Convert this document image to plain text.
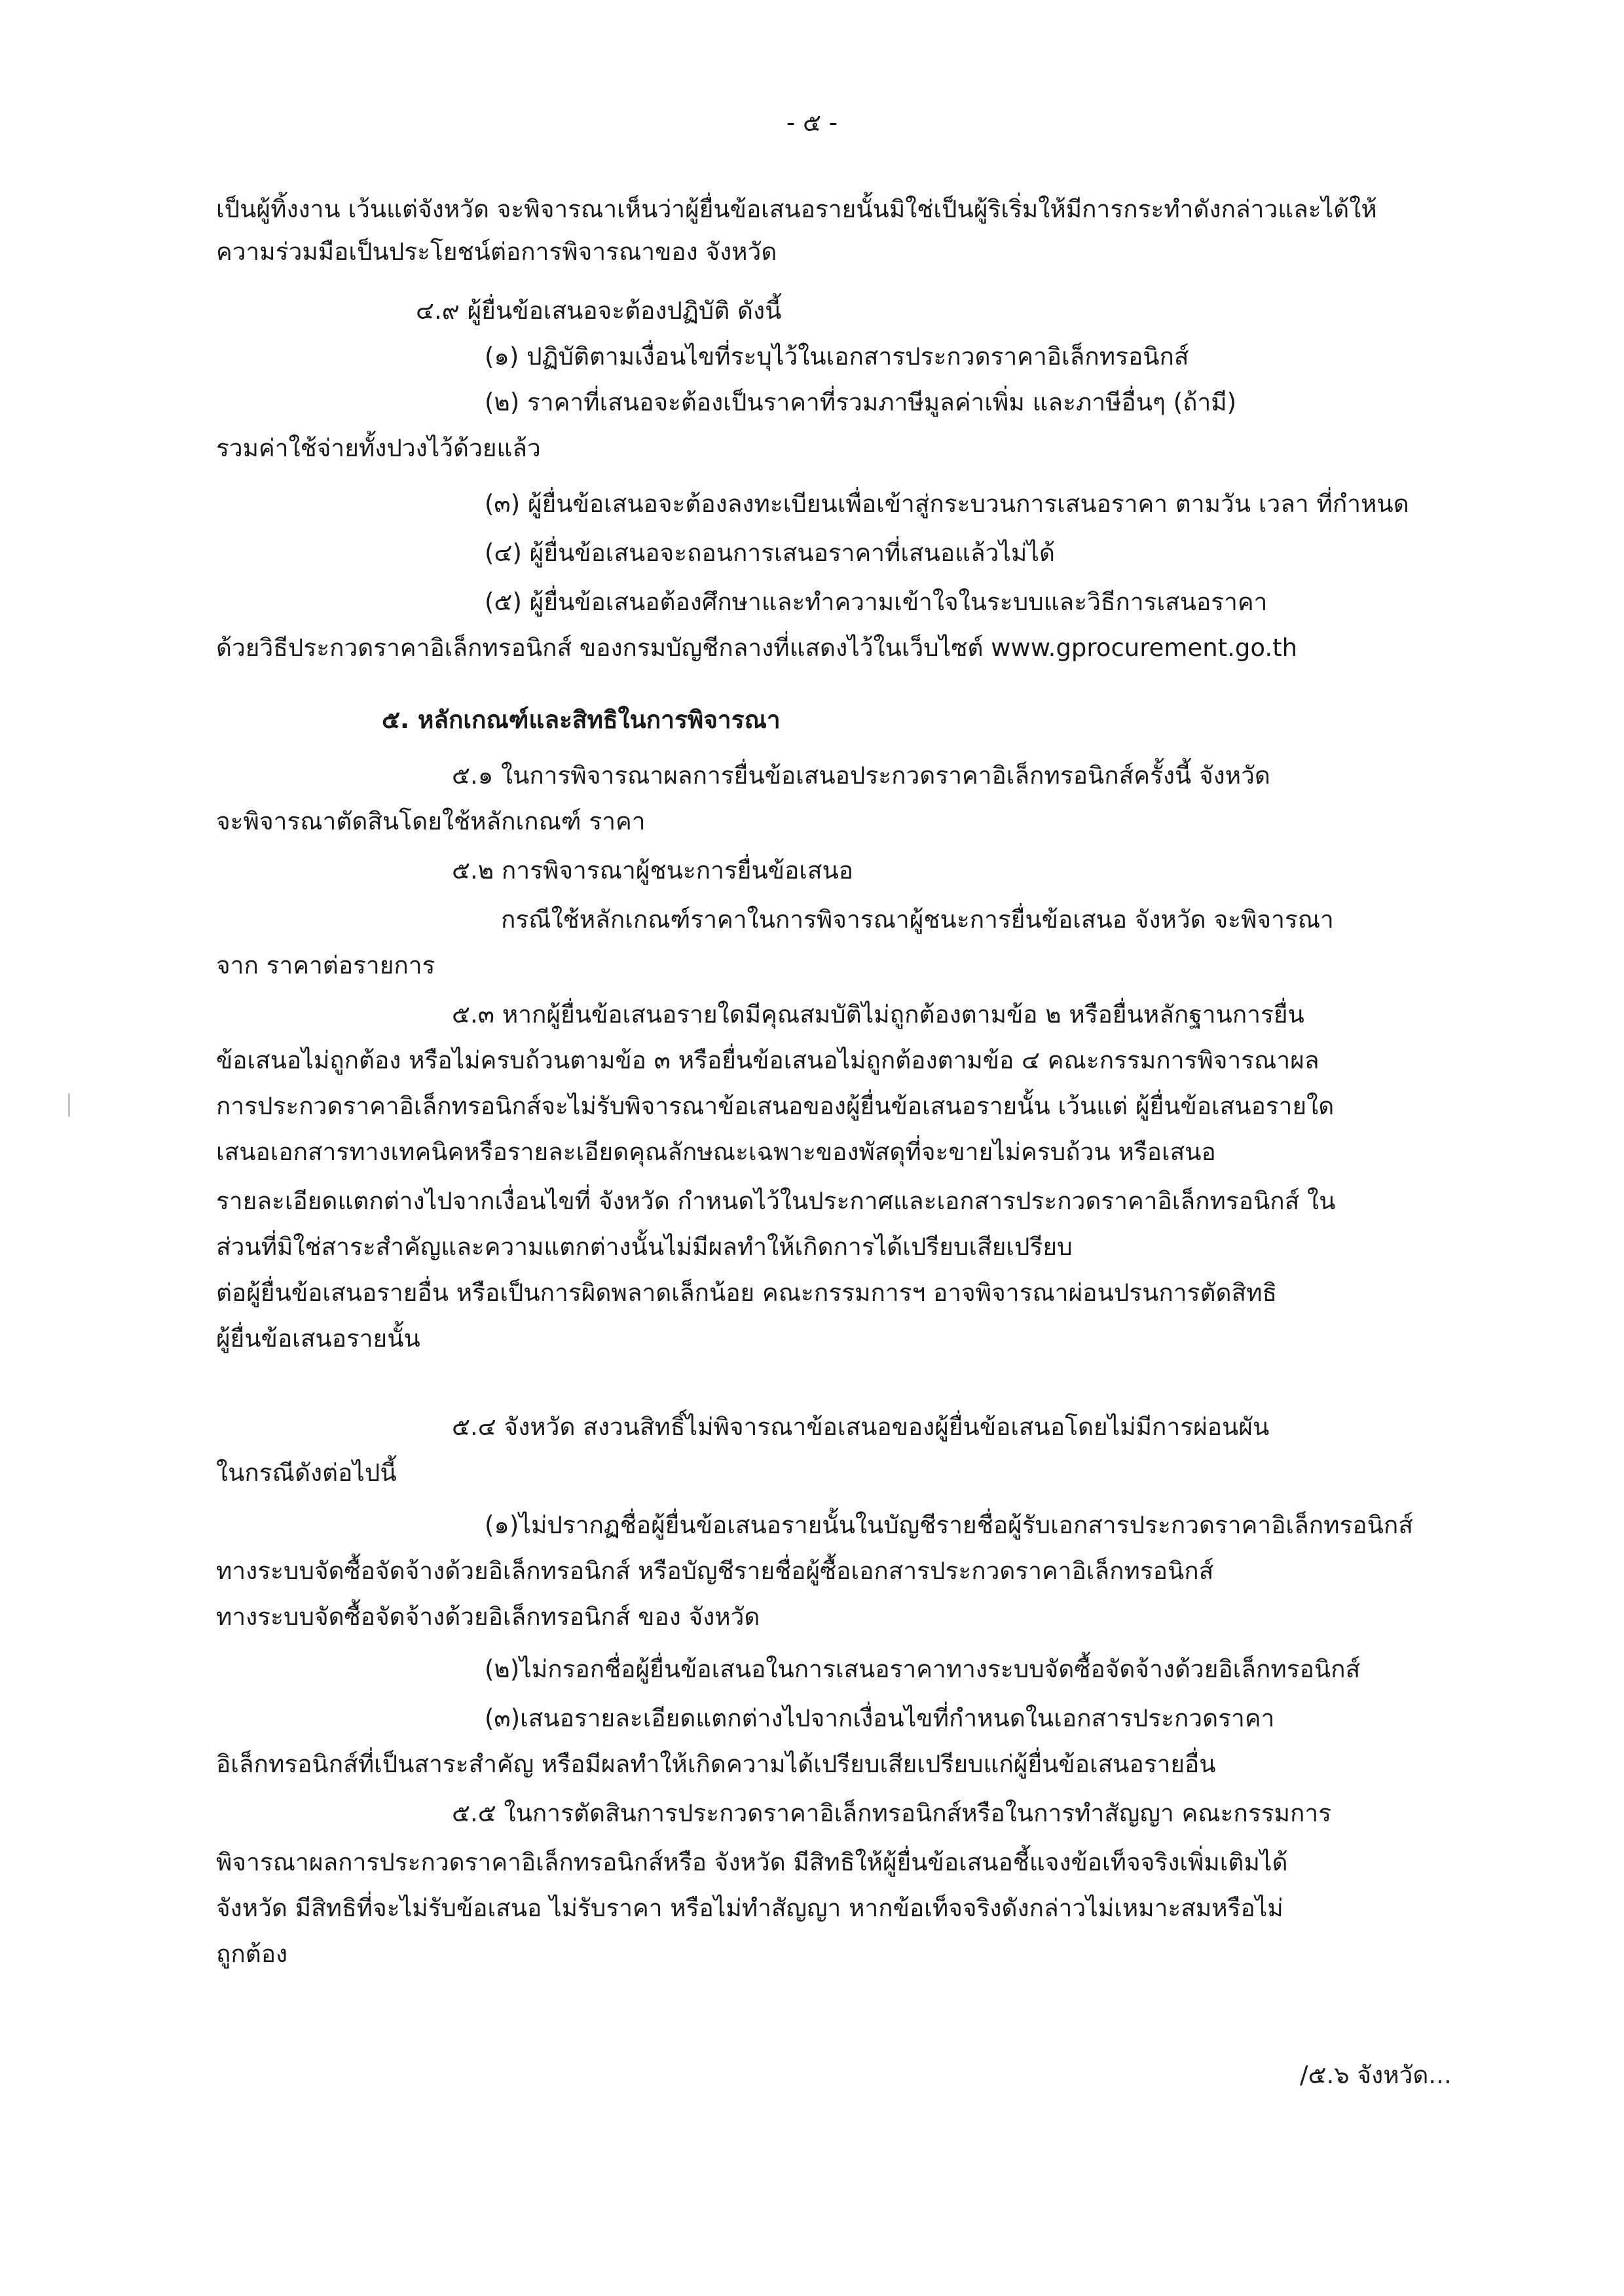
- ๕ -
เป็นผู้ทิ้งงาน เว้นแต่จังหวัด จะพิจารณาเห็นว่าผู้ยื่นข้อเสนอรายนั้นมิใช่เป็นผู้ริเริ่มให้มีการกระทำดังกล่าวและได้ให้
ความร่วมมือเป็นประโยชน์ต่อการพิจารณาของ จังหวัด
๔.๙ ผู้ยื่นข้อเสนอจะต้องปฏิบัติ ดังนี้
(๑) ปฏิบัติตามเงื่อนไขที่ระบุไว้ในเอกสารประกวดราคาอิเล็กทรอนิกส์
(๒) ราคาที่เสนอจะต้องเป็นราคาที่รวมภาษีมูลค่าเพิ่ม และภาษีอื่นๆ (ถ้ามี)
รวมค่าใช้จ่ายทั้งปวงไว้ด้วยแล้ว
(๓) ผู้ยื่นข้อเสนอจะต้องลงทะเบียนเพื่อเข้าสู่กระบวนการเสนอราคา ตามวัน เวลา ที่กำหนด
(๔) ผู้ยื่นข้อเสนอจะถอนการเสนอราคาที่เสนอแล้วไม่ได้
(๕) ผู้ยื่นข้อเสนอต้องศึกษาและทำความเข้าใจในระบบและวิธีการเสนอราคา
ด้วยวิธีประกวดราคาอิเล็กทรอนิกส์ ของกรมบัญชีกลางที่แสดงไว้ในเว็บไซต์ www.gprocurement.go.th
๕. หลักเกณฑ์และสิทธิในการพิจารณา
๕.๑ ในการพิจารณาผลการยื่นข้อเสนอประกวดราคาอิเล็กทรอนิกส์ครั้งนี้ จังหวัด
จะพิจารณาตัดสินโดยใช้หลักเกณฑ์ ราคา
๕.๒ การพิจารณาผู้ชนะการยื่นข้อเสนอ
กรณีใช้หลักเกณฑ์ราคาในการพิจารณาผู้ชนะการยื่นข้อเสนอ จังหวัด จะพิจารณา
จาก ราคาต่อรายการ
๕.๓ หากผู้ยื่นข้อเสนอรายใดมีคุณสมบัติไม่ถูกต้องตามข้อ ๒ หรือยื่นหลักฐานการยื่น
ข้อเสนอไม่ถูกต้อง หรือไม่ครบถ้วนตามข้อ ๓ หรือยื่นข้อเสนอไม่ถูกต้องตามข้อ ๔ คณะกรรมการพิจารณาผล
การประกวดราคาอิเล็กทรอนิกส์จะไม่รับพิจารณาข้อเสนอของผู้ยื่นข้อเสนอรายนั้น เว้นแต่ ผู้ยื่นข้อเสนอรายใด
เสนอเอกสารทางเทคนิคหรือรายละเอียดคุณลักษณะเฉพาะของพัสดุที่จะขายไม่ครบถ้วน หรือเสนอ
รายละเอียดแตกต่างไปจากเงื่อนไขที่ จังหวัด กำหนดไว้ในประกาศและเอกสารประกวดราคาอิเล็กทรอนิกส์ ใน
ส่วนที่มิใช่สาระสำคัญและความแตกต่างนั้นไม่มีผลทำให้เกิดการได้เปรียบเสียเปรียบ
ต่อผู้ยื่นข้อเสนอรายอื่น หรือเป็นการผิดพลาดเล็กน้อย คณะกรรมการฯ อาจพิจารณาผ่อนปรนการตัดสิทธิ
ผู้ยื่นข้อเสนอรายนั้น
๕.๔ จังหวัด สงวนสิทธิ์ไม่พิจารณาข้อเสนอของผู้ยื่นข้อเสนอโดยไม่มีการผ่อนผัน
ในกรณีดังต่อไปนี้
(๑)ไม่ปรากฏชื่อผู้ยื่นข้อเสนอรายนั้นในบัญชีรายชื่อผู้รับเอกสารประกวดราคาอิเล็กทรอนิกส์
ทางระบบจัดซื้อจัดจ้างด้วยอิเล็กทรอนิกส์ หรือบัญชีรายชื่อผู้ซื้อเอกสารประกวดราคาอิเล็กทรอนิกส์
ทางระบบจัดซื้อจัดจ้างด้วยอิเล็กทรอนิกส์ ของ จังหวัด
(๒)ไม่กรอกชื่อผู้ยื่นข้อเสนอในการเสนอราคาทางระบบจัดซื้อจัดจ้างด้วยอิเล็กทรอนิกส์
(๓)เสนอรายละเอียดแตกต่างไปจากเงื่อนไขที่กำหนดในเอกสารประกวดราคา
อิเล็กทรอนิกส์ที่เป็นสาระสำคัญ หรือมีผลทำให้เกิดความได้เปรียบเสียเปรียบแก่ผู้ยื่นข้อเสนอรายอื่น
๕.๕ ในการตัดสินการประกวดราคาอิเล็กทรอนิกส์หรือในการทำสัญญา คณะกรรมการ
พิจารณาผลการประกวดราคาอิเล็กทรอนิกส์หรือ จังหวัด มีสิทธิให้ผู้ยื่นข้อเสนอชี้แจงข้อเท็จจริงเพิ่มเติมได้
จังหวัด มีสิทธิที่จะไม่รับข้อเสนอ ไม่รับราคา หรือไม่ทำสัญญา หากข้อเท็จจริงดังกล่าวไม่เหมาะสมหรือไม่
ถูกต้อง
/๕.๖ จังหวัด...
